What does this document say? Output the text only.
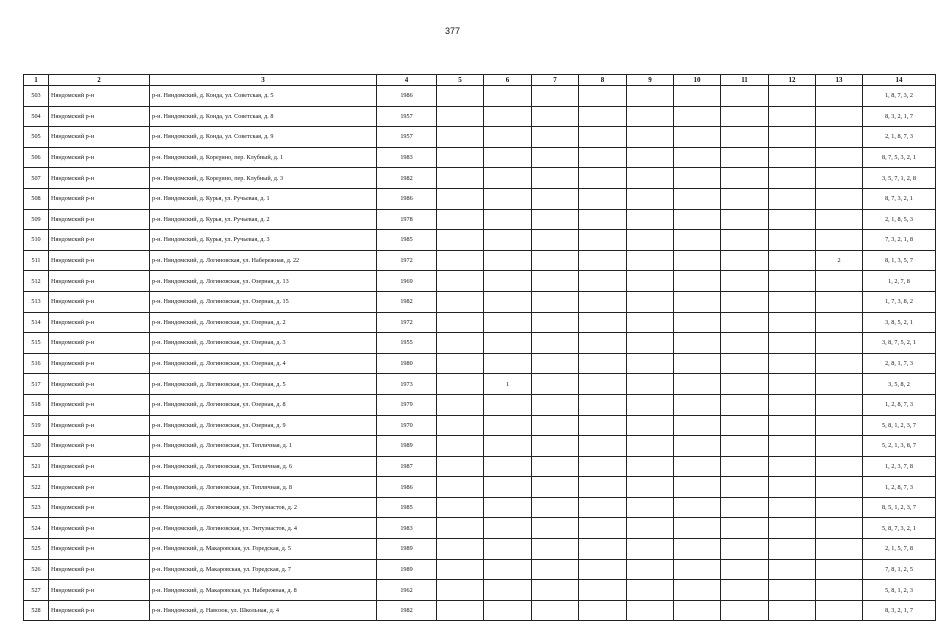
377
1	2	3	4	5	6	7	8	9	10	11	12	13	14
503	Няндомский р-н	р-н. Няндомский, д. Конда, ул. Советская, д. 5	1986										1, 8, 7, 3, 2
504	Няндомский р-н	р-н. Няндомский, д. Конда, ул. Советская, д. 8	1957										8, 3, 2, 1, 7
505	Няндомский р-н	р-н. Няндомский, д. Конда, ул. Советская, д. 9	1957										2, 1, 8, 7, 3
506	Няндомский р-н	р-н. Няндомский, д. Кореχино, пер. Клубный, д. 1	1983										8, 7, 5, 3, 2, 1
507	Няндомский р-н	р-н. Няндомский, д. Кореχино, пер. Клубный, д. 3	1982										3, 5, 7, 1, 2, 8
508	Няндомский р-н	р-н. Няндомский, д. Курья, ул. Ручьевая, д. 1	1986										8, 7, 3, 2, 1
509	Няндомский р-н	р-н. Няндомский, д. Курья, ул. Ручьевая, д. 2	1978										2, 1, 8, 5, 3
510	Няндомский р-н	р-н. Няндомский, д. Курья, ул. Ручьевая, д. 3	1985										7, 3, 2, 1, 8
511	Няндомский р-н	р-н. Няндомский, д. Логиновская, ул. Набережная, д. 22	1972									2	8, 1, 3, 5, 7
512	Няндомский р-н	р-н. Няндомский, д. Логиновская, ул. Озерная, д. 13	1969										1, 2, 7, 8
513	Няндомский р-н	р-н. Няндомский, д. Логиновская, ул. Озерная, д. 15	1982										1, 7, 3, 8, 2
514	Няндомский р-н	р-н. Няндомский, д. Логиновская, ул. Озерная, д. 2	1972										3, 8, 5, 2, 1
515	Няндомский р-н	р-н. Няндомский, д. Логиновская, ул. Озерная, д. 3	1955										3, 8, 7, 5, 2, 1
516	Няндомский р-н	р-н. Няндомский, д. Логиновская, ул. Озерная, д. 4	1980										2, 8, 1, 7, 3
517	Няндомский р-н	р-н. Няндомский, д. Логиновская, ул. Озерная, д. 5	1973		1								3, 5, 8, 2
518	Няндомский р-н	р-н. Няндомский, д. Логиновская, ул. Озерная, д. 8	1979										1, 2, 8, 7, 3
519	Няндомский р-н	р-н. Няндомский, д. Логиновская, ул. Озерная, д. 9	1970										5, 8, 1, 2, 3, 7
520	Няндомский р-н	р-н. Няндомский, д. Логиновская, ул. Тепличная, д. 1	1989										5, 2, 1, 3, 8, 7
521	Няндомский р-н	р-н. Няндомский, д. Логиновская, ул. Тепличная, д. 6	1987										1, 2, 3, 7, 8
522	Няндомский р-н	р-н. Няндомский, д. Логиновская, ул. Тепличная, д. 8	1986										1, 2, 8, 7, 3
523	Няндомский р-н	р-н. Няндомский, д. Логиновская, ул. Энтузиастов, д. 2	1985										8, 5, 1, 2, 3, 7
524	Няндомский р-н	р-н. Няндомский, д. Логиновская, ул. Энтузиастов, д. 4	1983										5, 8, 7, 3, 2, 1
525	Няндомский р-н	р-н. Няндомский, д. Макаровская, ул. Горедская, д. 5	1989										2, 1, 5, 7, 8
526	Няндомский р-н	р-н. Няндомский, д. Макаровская, ул. Горедская, д. 7	1989										7, 8, 1, 2, 5
527	Няндомский р-н	р-н. Няндомский, д. Макаровская, ул. Набережная, д. 8	1962										5, 8, 1, 2, 3
528	Няндомский р-н	р-н. Няндомский, д. Навозок, ул. Школьная, д. 4	1982										8, 3, 2, 1, 7
